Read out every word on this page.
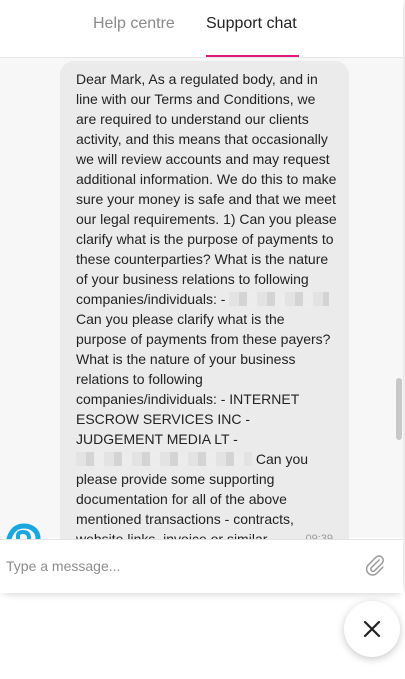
Help centre Support chat
Dear Mark, As a regulated body, and in line with our Terms and Conditions, we are required to understand our clients activity, and this means that occasionally we will review accounts and may request additional information. We do this to make sure your money is safe and that we meet our legal requirements. 1) Can you please clarify what is the purpose of payments to these counterparties? What is the nature of your business relations to following companies/individuals: -  Can you please clarify what is the purpose of payments from these payers? What is the nature of your business relations to following companies/individuals: - INTERNET ESCROW SERVICES INC - JUDGEMENT MEDIA LT -  Can you please provide some supporting documentation for all of the above mentioned transactions - contracts,
Type a message...
